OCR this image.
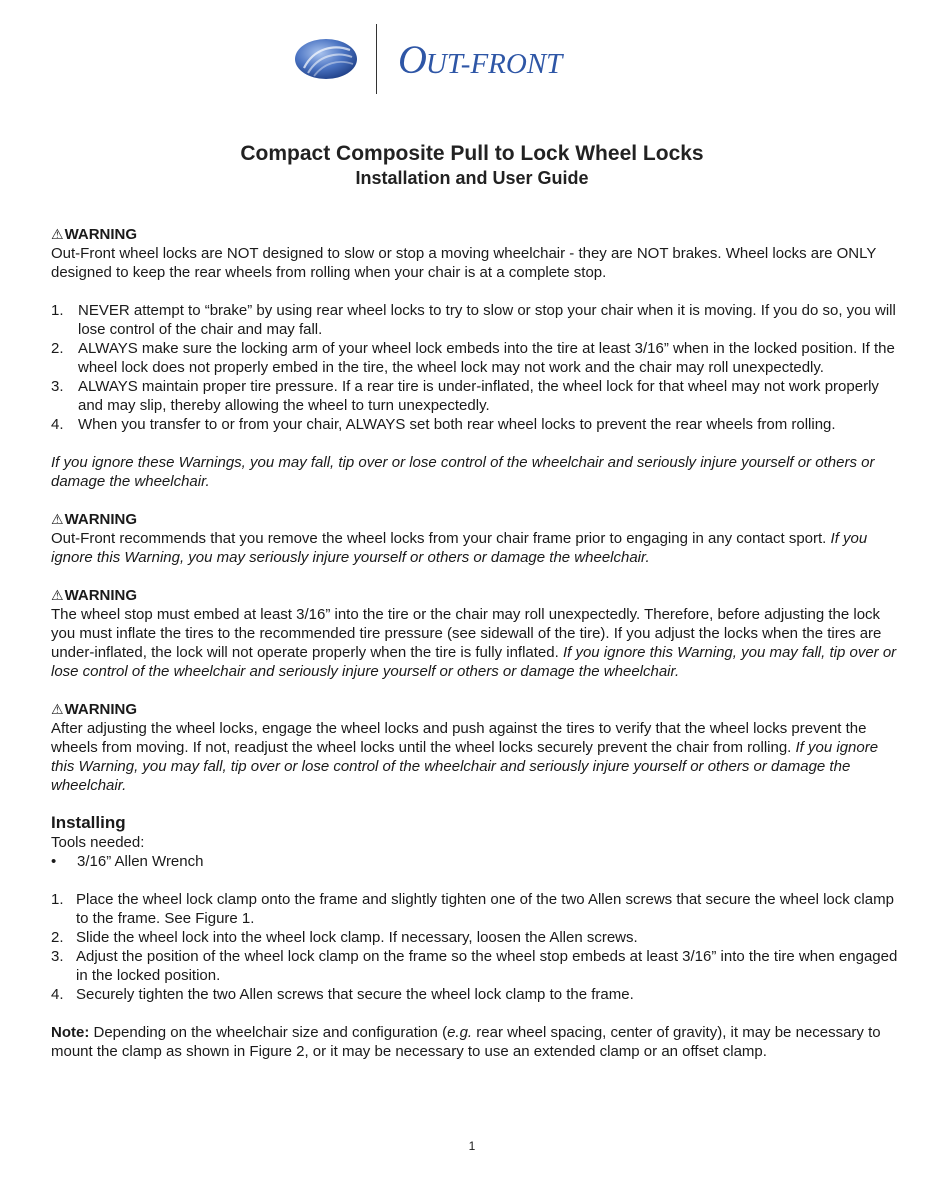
OUT-FRONT
Compact Composite Pull to Lock Wheel Locks
Installation and User Guide

⚠ WARNING

Out-Front wheel locks are NOT designed to slow or stop a moving wheelchair - they are NOT brakes. Wheel locks are ONLY designed to keep the rear wheels from rolling when your chair is at a complete stop.

1. NEVER attempt to “brake” by using rear wheel locks to try to slow or stop your chair when it is moving. If you do so, you will lose control of the chair and may fall.
2. ALWAYS make sure the locking arm of your wheel lock embeds into the tire at least 3/16” when in the locked position. If the wheel lock does not properly embed in the tire, the wheel lock may not work and the chair may roll unexpectedly.
3. ALWAYS maintain proper tire pressure. If a rear tire is under-inflated, the wheel lock for that wheel may not work properly and may slip, thereby allowing the wheel to turn unexpectedly.
4. When you transfer to or from your chair, ALWAYS set both rear wheel locks to prevent the rear wheels from rolling.

If you ignore these Warnings, you may fall, tip over or lose control of the wheelchair and seriously injure yourself or others or damage the wheelchair.

⚠ WARNING

Out-Front recommends that you remove the wheel locks from your chair frame prior to engaging in any contact sport. If you ignore this Warning, you may seriously injure yourself or others or damage the wheelchair.

⚠ WARNING

The wheel stop must embed at least 3/16” into the tire or the chair may roll unexpectedly. Therefore, before adjusting the lock you must inflate the tires to the recommended tire pressure (see sidewall of the tire). If you adjust the locks when the tires are under-inflated, the lock will not operate properly when the tire is fully inflated. If you ignore this Warning, you may fall, tip over or lose control of the wheelchair and seriously injure yourself or others or damage the wheelchair.

⚠ WARNING

After adjusting the wheel locks, engage the wheel locks and push against the tires to verify that the wheel locks prevent the wheels from moving. If not, readjust the wheel locks until the wheel locks securely prevent the chair from rolling. If you ignore this Warning, you may fall, tip over or lose control of the wheelchair and seriously injure yourself or others or damage the wheelchair.

Installing

Tools needed:

• 3/16” Allen Wrench
1. Place the wheel lock clamp onto the frame and slightly tighten one of the two Allen screws that secure the wheel lock clamp to the frame. See Figure 1.
2. Slide the wheel lock into the wheel lock clamp. If necessary, loosen the Allen screws.
3. Adjust the position of the wheel lock clamp on the frame so the wheel stop embeds at least 3/16” into the tire when engaged in the locked position.
4. Securely tighten the two Allen screws that secure the wheel lock clamp to the frame.

Note: Depending on the wheelchair size and configuration (e.g. rear wheel spacing, center of gravity), it may be necessary to mount the clamp as shown in Figure 2, or it may be necessary to use an extended clamp or an offset clamp.

1
